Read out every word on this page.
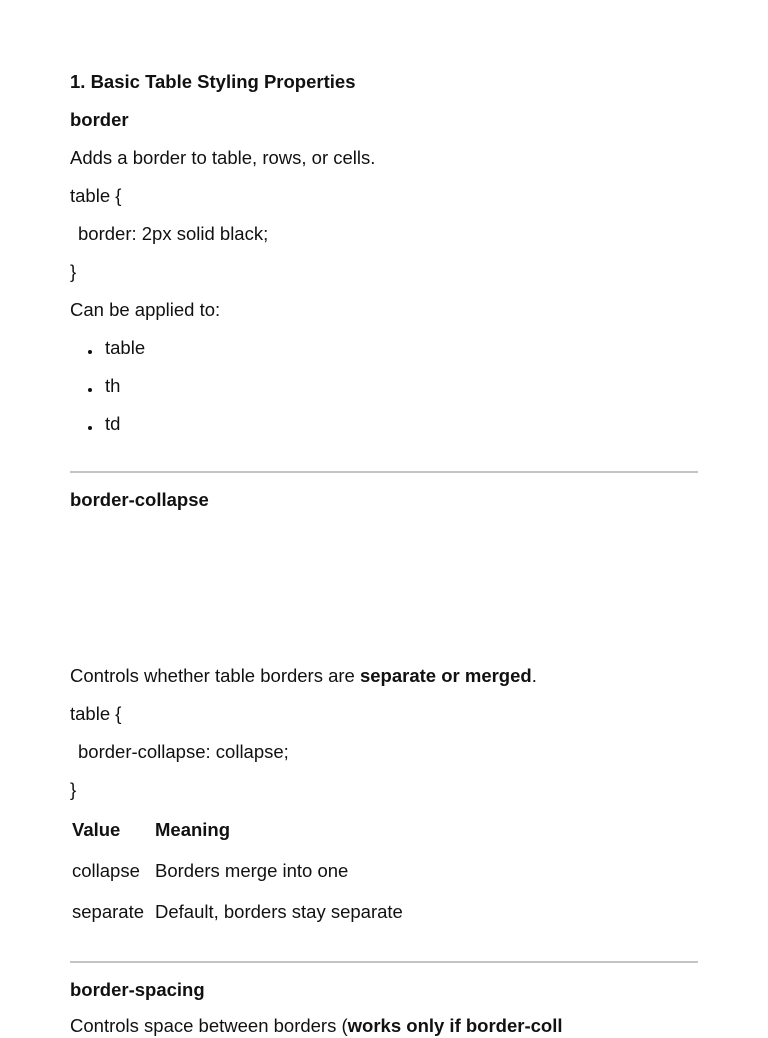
1. Basic Table Styling Properties
border
Adds a border to table, rows, or cells.
table {
border: 2px solid black;
}
Can be applied to:
table
th
td
border-collapse
Controls whether table borders are separate or merged.
table {
border-collapse: collapse;
}
Value Meaning
collapse Borders merge into one
separate Default, borders stay separate
border-spacing
Controls space between borders (works only if border-coll
